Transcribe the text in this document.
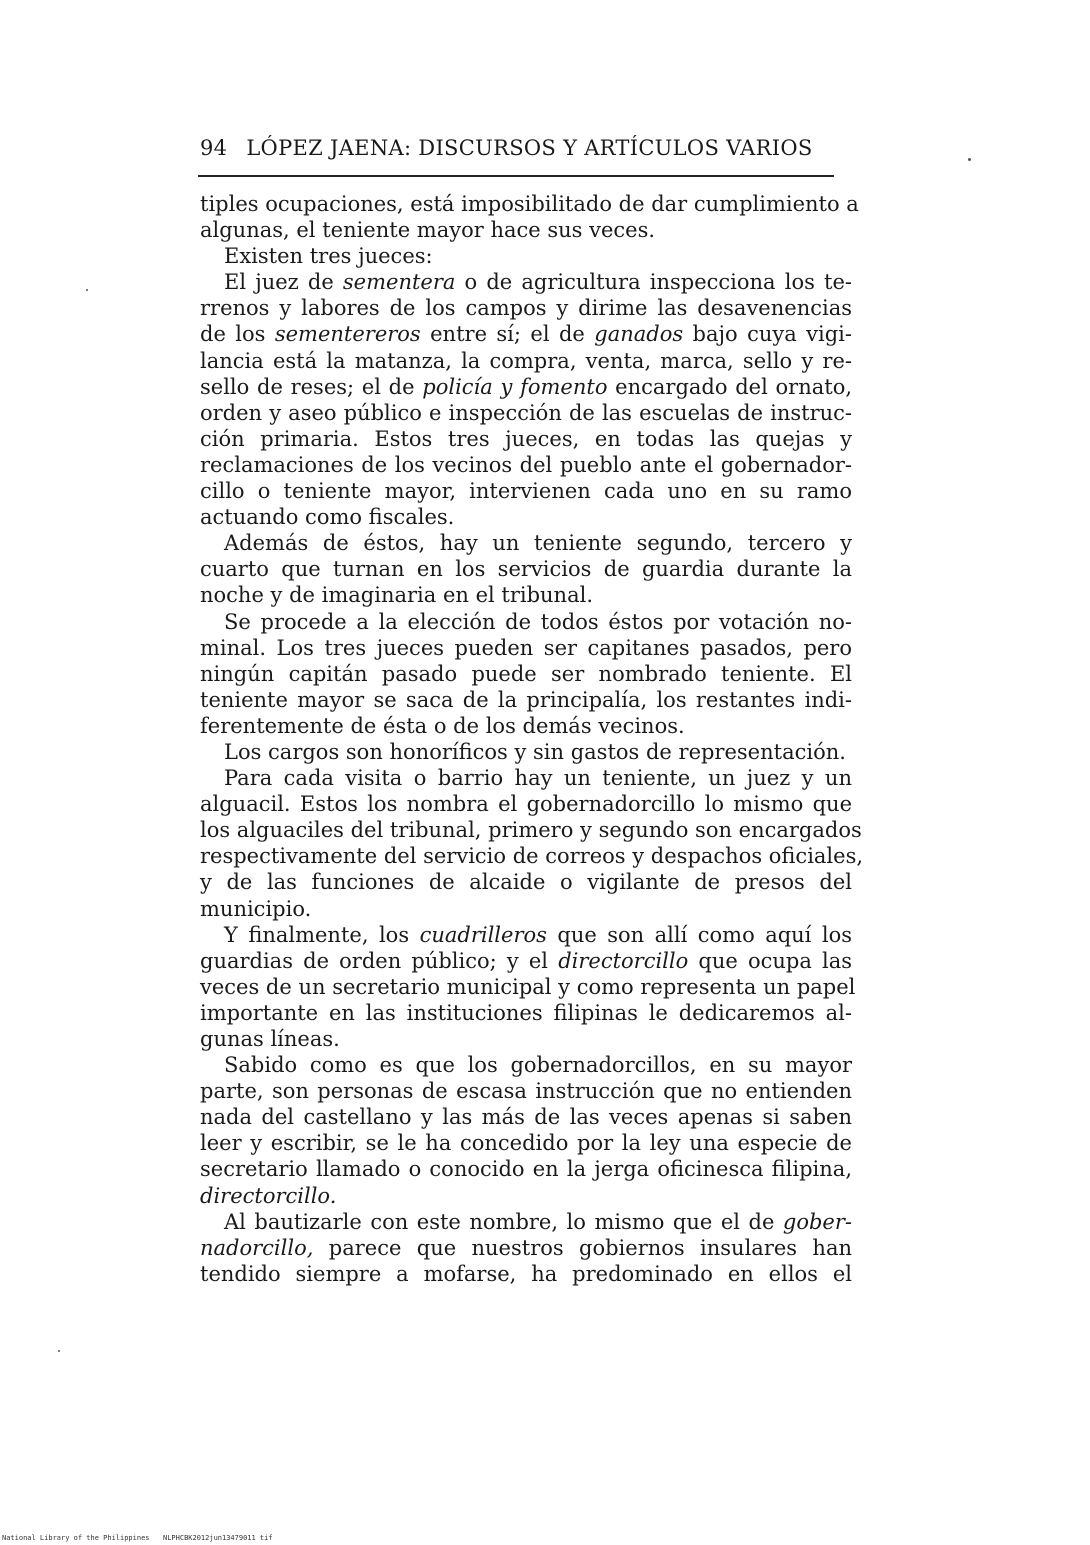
94 LÓPEZ JAENA: DISCURSOS Y ARTÍCULOS VARIOS
tiples ocupaciones, está imposibilitado de dar cumplimiento a
algunas, el teniente mayor hace sus veces.
Existen tres jueces:
El juez de sementera o de agricultura inspecciona los te-
rrenos y labores de los campos y dirime las desavenencias
de los sementereros entre sí; el de ganados bajo cuya vigi-
lancia está la matanza, la compra, venta, marca, sello y re-
sello de reses; el de policía y fomento encargado del ornato,
orden y aseo público e inspección de las escuelas de instruc-
ción primaria. Estos tres jueces, en todas las quejas y
reclamaciones de los vecinos del pueblo ante el gobernador-
cillo o teniente mayor, intervienen cada uno en su ramo
actuando como fiscales.
Además de éstos, hay un teniente segundo, tercero y
cuarto que turnan en los servicios de guardia durante la
noche y de imaginaria en el tribunal.
Se procede a la elección de todos éstos por votación no-
minal. Los tres jueces pueden ser capitanes pasados, pero
ningún capitán pasado puede ser nombrado teniente. El
teniente mayor se saca de la principalía, los restantes indi-
ferentemente de ésta o de los demás vecinos.
Los cargos son honoríficos y sin gastos de representación.
Para cada visita o barrio hay un teniente, un juez y un
alguacil. Estos los nombra el gobernadorcillo lo mismo que
los alguaciles del tribunal, primero y segundo son encargados
respectivamente del servicio de correos y despachos oficiales,
y de las funciones de alcaide o vigilante de presos del
municipio.
Y finalmente, los cuadrilleros que son allí como aquí los
guardias de orden público; y el directorcillo que ocupa las
veces de un secretario municipal y como representa un papel
importante en las instituciones filipinas le dedicaremos al-
gunas líneas.
Sabido como es que los gobernadorcillos, en su mayor
parte, son personas de escasa instrucción que no entienden
nada del castellano y las más de las veces apenas si saben
leer y escribir, se le ha concedido por la ley una especie de
secretario llamado o conocido en la jerga oficinesca filipina,
directorcillo.
Al bautizarle con este nombre, lo mismo que el de gober-
nadorcillo, parece que nuestros gobiernos insulares han
tendido siempre a mofarse, ha predominado en ellos el
National Library of the Philippines NLPHCBK2012jun13479011 tif
